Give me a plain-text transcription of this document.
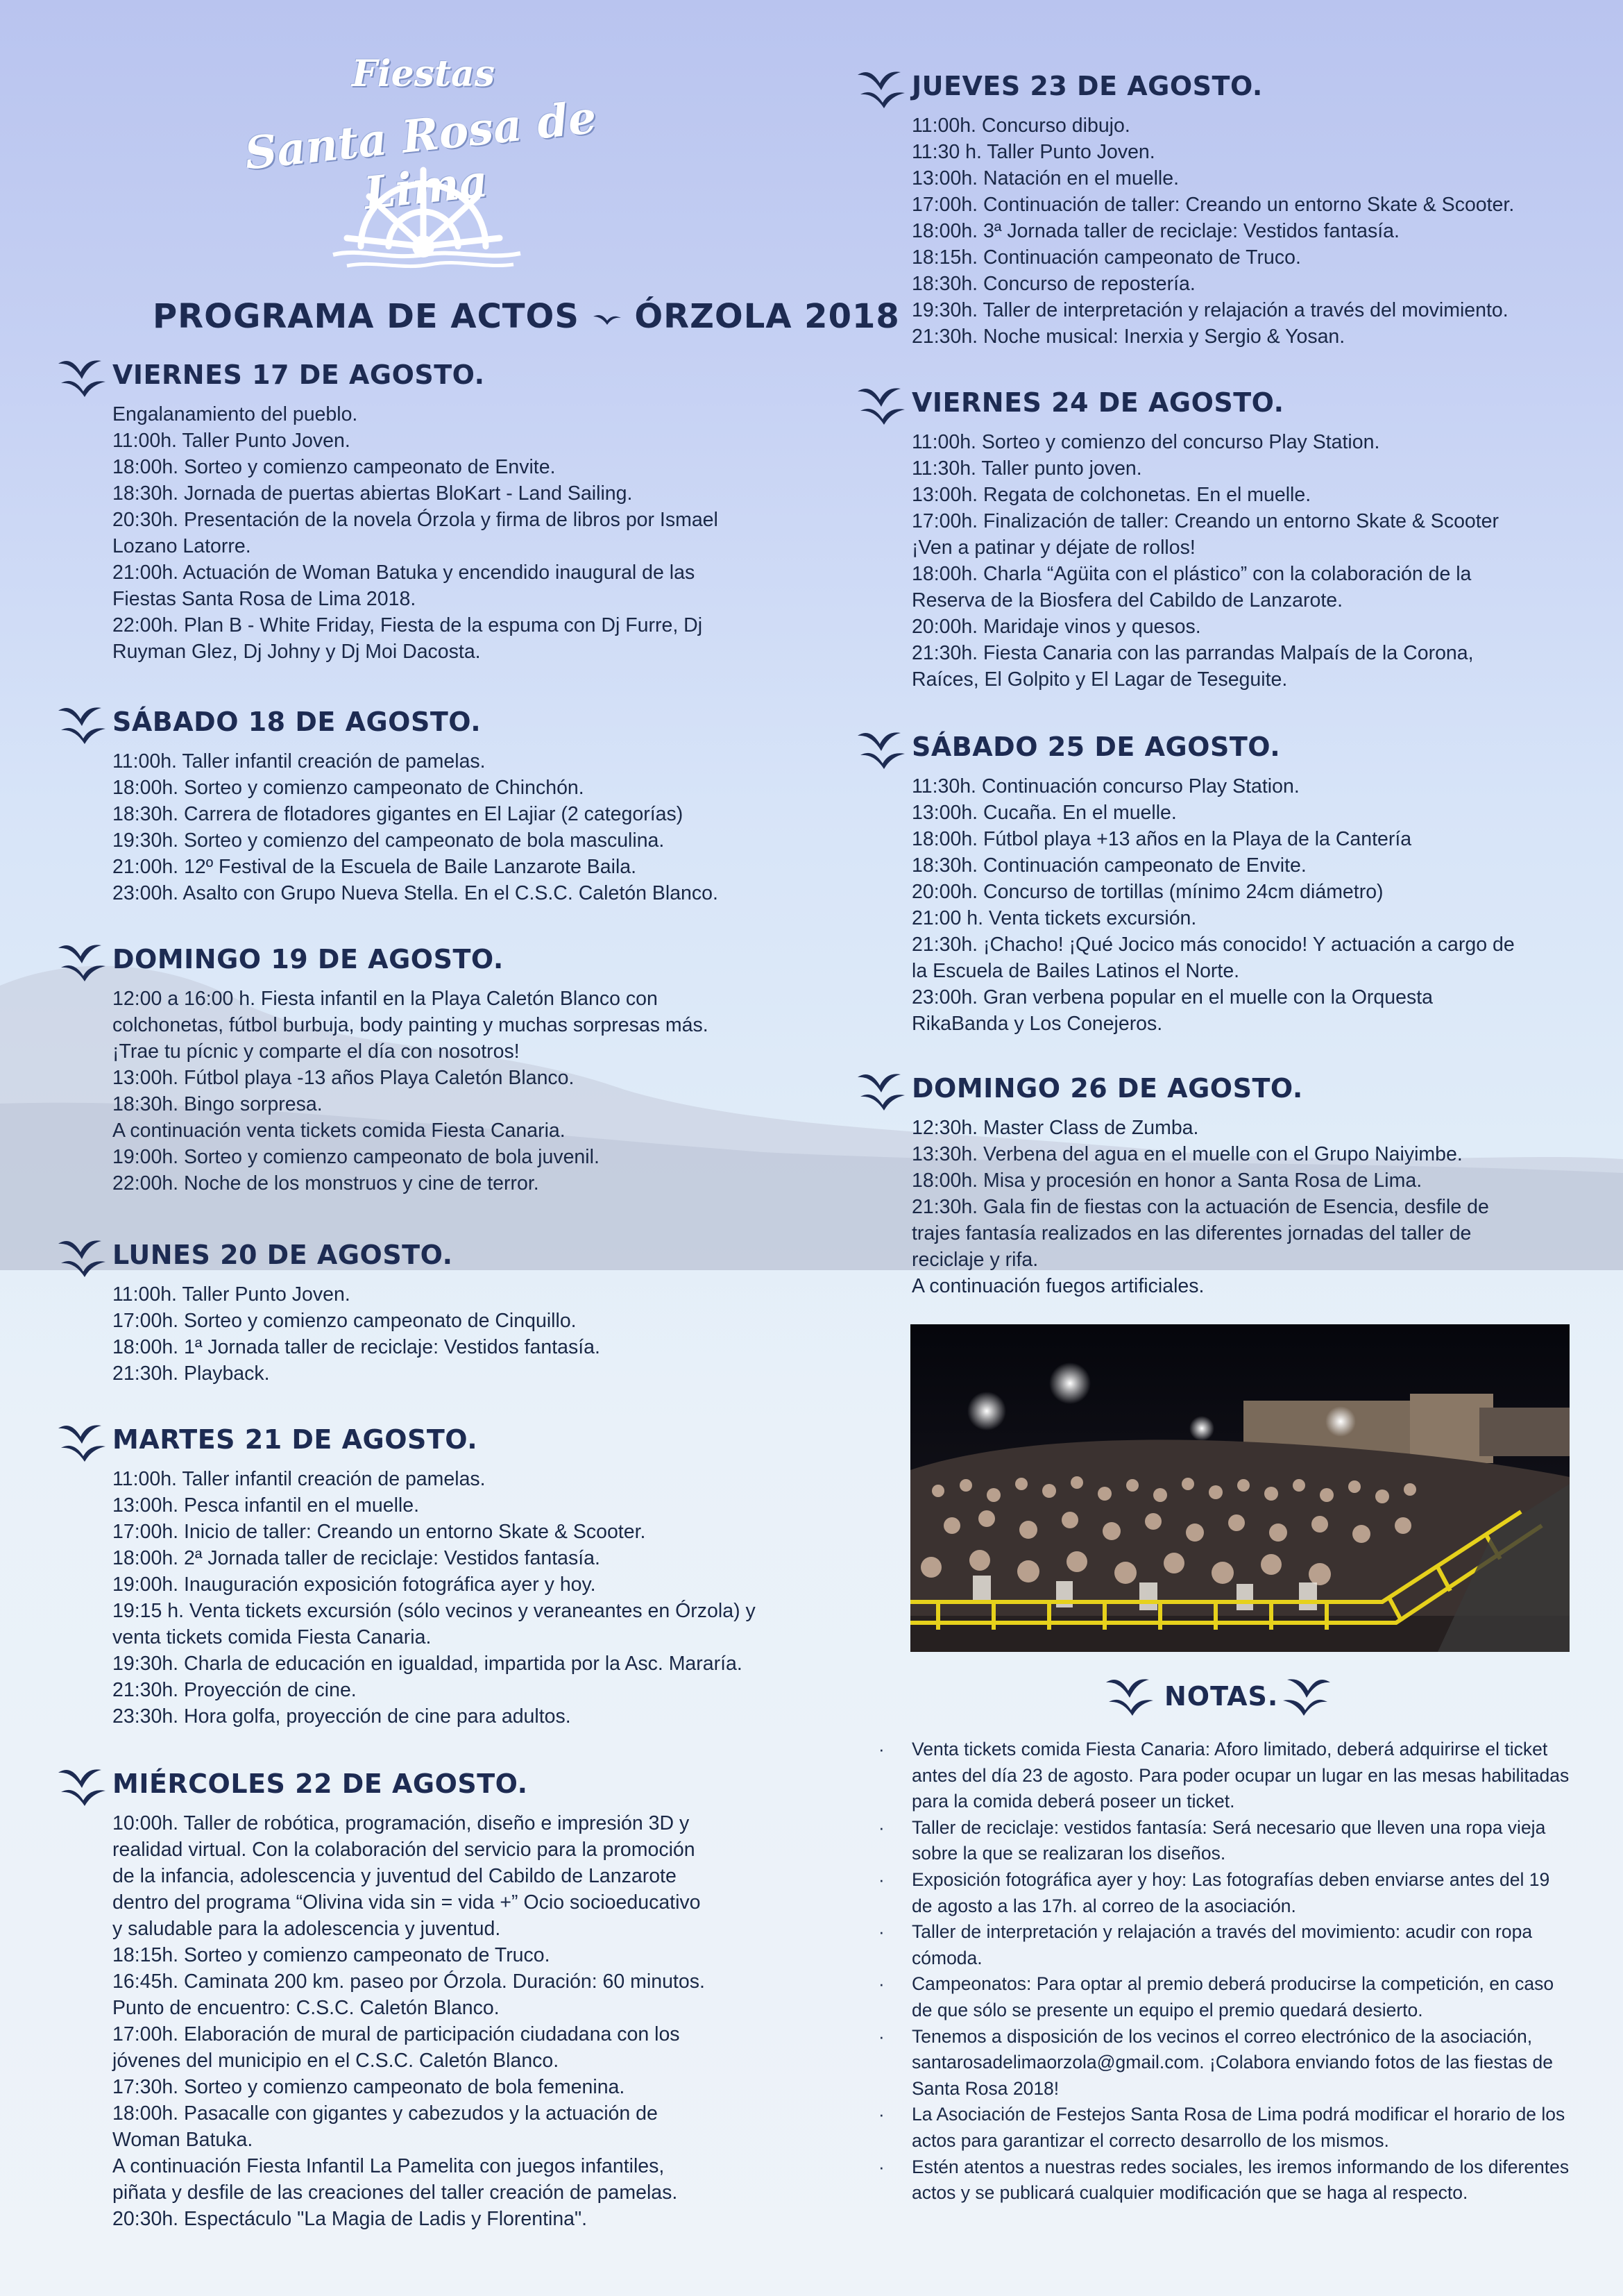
Fiestas
Santa Rosa de Lima
PROGRAMA DE ACTOS ÓRZOLA 2018
VIERNES 17 DE AGOSTO.
Engalanamiento del pueblo.
11:00h. Taller Punto Joven.
18:00h. Sorteo y comienzo campeonato de Envite.
18:30h. Jornada de puertas abiertas BloKart - Land Sailing.
20:30h. Presentación de la novela Órzola y firma de libros por Ismael
Lozano Latorre.
21:00h. Actuación de Woman Batuka y encendido inaugural de las
Fiestas Santa Rosa de Lima 2018.
22:00h. Plan B - White Friday, Fiesta de la espuma con Dj Furre, Dj
Ruyman Glez, Dj Johny y Dj Moi Dacosta.
SÁBADO 18 DE AGOSTO.
11:00h. Taller infantil creación de pamelas.
18:00h. Sorteo y comienzo campeonato de Chinchón.
18:30h. Carrera de flotadores gigantes en El Lajiar (2 categorías)
19:30h. Sorteo y comienzo del campeonato de bola masculina.
21:00h. 12º Festival de la Escuela de Baile Lanzarote Baila.
23:00h. Asalto con Grupo Nueva Stella. En el C.S.C. Caletón Blanco.
DOMINGO 19 DE AGOSTO.
12:00 a 16:00 h. Fiesta infantil en la Playa Caletón Blanco con
colchonetas, fútbol burbuja, body painting y muchas sorpresas más.
¡Trae tu pícnic y comparte el día con nosotros!
13:00h. Fútbol playa -13 años Playa Caletón Blanco.
18:30h. Bingo sorpresa.
A continuación venta tickets comida Fiesta Canaria.
19:00h. Sorteo y comienzo campeonato de bola juvenil.
22:00h. Noche de los monstruos y cine de terror.
LUNES 20 DE AGOSTO.
11:00h. Taller Punto Joven.
17:00h. Sorteo y comienzo campeonato de Cinquillo.
18:00h. 1ª Jornada taller de reciclaje: Vestidos fantasía.
21:30h. Playback.
MARTES 21 DE AGOSTO.
11:00h. Taller infantil creación de pamelas.
13:00h. Pesca infantil en el muelle.
17:00h. Inicio de taller: Creando un entorno Skate & Scooter.
18:00h. 2ª Jornada taller de reciclaje: Vestidos fantasía.
19:00h. Inauguración exposición fotográfica ayer y hoy.
19:15 h. Venta tickets excursión (sólo vecinos y veraneantes en Órzola) y
venta tickets comida Fiesta Canaria.
19:30h. Charla de educación en igualdad, impartida por la Asc. Mararía.
21:30h. Proyección de cine.
23:30h. Hora golfa, proyección de cine para adultos.
MIÉRCOLES 22 DE AGOSTO.
10:00h. Taller de robótica, programación, diseño e impresión 3D y
realidad virtual. Con la colaboración del servicio para la promoción
de la infancia, adolescencia y juventud del Cabildo de Lanzarote
dentro del programa “Olivina vida sin = vida +” Ocio socioeducativo
y saludable para la adolescencia y juventud.
18:15h. Sorteo y comienzo campeonato de Truco.
16:45h. Caminata 200 km. paseo por Órzola. Duración: 60 minutos.
Punto de encuentro: C.S.C. Caletón Blanco.
17:00h. Elaboración de mural de participación ciudadana con los
jóvenes del municipio en el C.S.C. Caletón Blanco.
17:30h. Sorteo y comienzo campeonato de bola femenina.
18:00h. Pasacalle con gigantes y cabezudos y la actuación de
Woman Batuka.
A continuación Fiesta Infantil La Pamelita con juegos infantiles,
piñata y desfile de las creaciones del taller creación de pamelas.
20:30h. Espectáculo "La Magia de Ladis y Florentina".
JUEVES 23 DE AGOSTO.
11:00h. Concurso dibujo.
11:30 h. Taller Punto Joven.
13:00h. Natación en el muelle.
17:00h. Continuación de taller: Creando un entorno Skate & Scooter.
18:00h. 3ª Jornada taller de reciclaje: Vestidos fantasía.
18:15h. Continuación campeonato de Truco.
18:30h. Concurso de repostería.
19:30h. Taller de interpretación y relajación a través del movimiento.
21:30h. Noche musical: Inerxia y Sergio & Yosan.
VIERNES 24 DE AGOSTO.
11:00h. Sorteo y comienzo del concurso Play Station.
11:30h. Taller punto joven.
13:00h. Regata de colchonetas. En el muelle.
17:00h. Finalización de taller: Creando un entorno Skate & Scooter
¡Ven a patinar y déjate de rollos!
18:00h. Charla “Agüita con el plástico” con la colaboración de la
Reserva de la Biosfera del Cabildo de Lanzarote.
20:00h. Maridaje vinos y quesos.
21:30h. Fiesta Canaria con las parrandas Malpaís de la Corona,
Raíces, El Golpito y El Lagar de Teseguite.
SÁBADO 25 DE AGOSTO.
11:30h. Continuación concurso Play Station.
13:00h. Cucaña. En el muelle.
18:00h. Fútbol playa +13 años en la Playa de la Cantería
18:30h. Continuación campeonato de Envite.
20:00h. Concurso de tortillas (mínimo 24cm diámetro)
21:00 h. Venta tickets excursión.
21:30h. ¡Chacho! ¡Qué Jocico más conocido! Y actuación a cargo de
la Escuela de Bailes Latinos el Norte.
23:00h. Gran verbena popular en el muelle con la Orquesta
RikaBanda y Los Conejeros.
DOMINGO 26 DE AGOSTO.
12:30h. Master Class de Zumba.
13:30h. Verbena del agua en el muelle con el Grupo Naiyimbe.
18:00h. Misa y procesión en honor a Santa Rosa de Lima.
21:30h. Gala fin de fiestas con la actuación de Esencia, desfile de
trajes fantasía realizados en las diferentes jornadas del taller de
reciclaje y rifa.
A continuación fuegos artificiales.
NOTAS.
· Venta tickets comida Fiesta Canaria: Aforo limitado, deberá adquirirse el ticket antes del día 23 de agosto. Para poder ocupar un lugar en las mesas habilitadas para la comida deberá poseer un ticket.
· Taller de reciclaje: vestidos fantasía: Será necesario que lleven una ropa vieja sobre la que se realizaran los diseños.
· Exposición fotográfica ayer y hoy: Las fotografías deben enviarse antes del 19 de agosto a las 17h. al correo de la asociación.
· Taller de interpretación y relajación a través del movimiento: acudir con ropa cómoda.
· Campeonatos: Para optar al premio deberá producirse la competición, en caso de que sólo se presente un equipo el premio quedará desierto.
· Tenemos a disposición de los vecinos el correo electrónico de la asociación, santarosadelimaorzola@gmail.com. ¡Colabora enviando fotos de las fiestas de Santa Rosa 2018!
· La Asociación de Festejos Santa Rosa de Lima podrá modificar el horario de los actos para garantizar el correcto desarrollo de los mismos.
· Estén atentos a nuestras redes sociales, les iremos informando de los diferentes actos y se publicará cualquier modificación que se haga al respecto.
